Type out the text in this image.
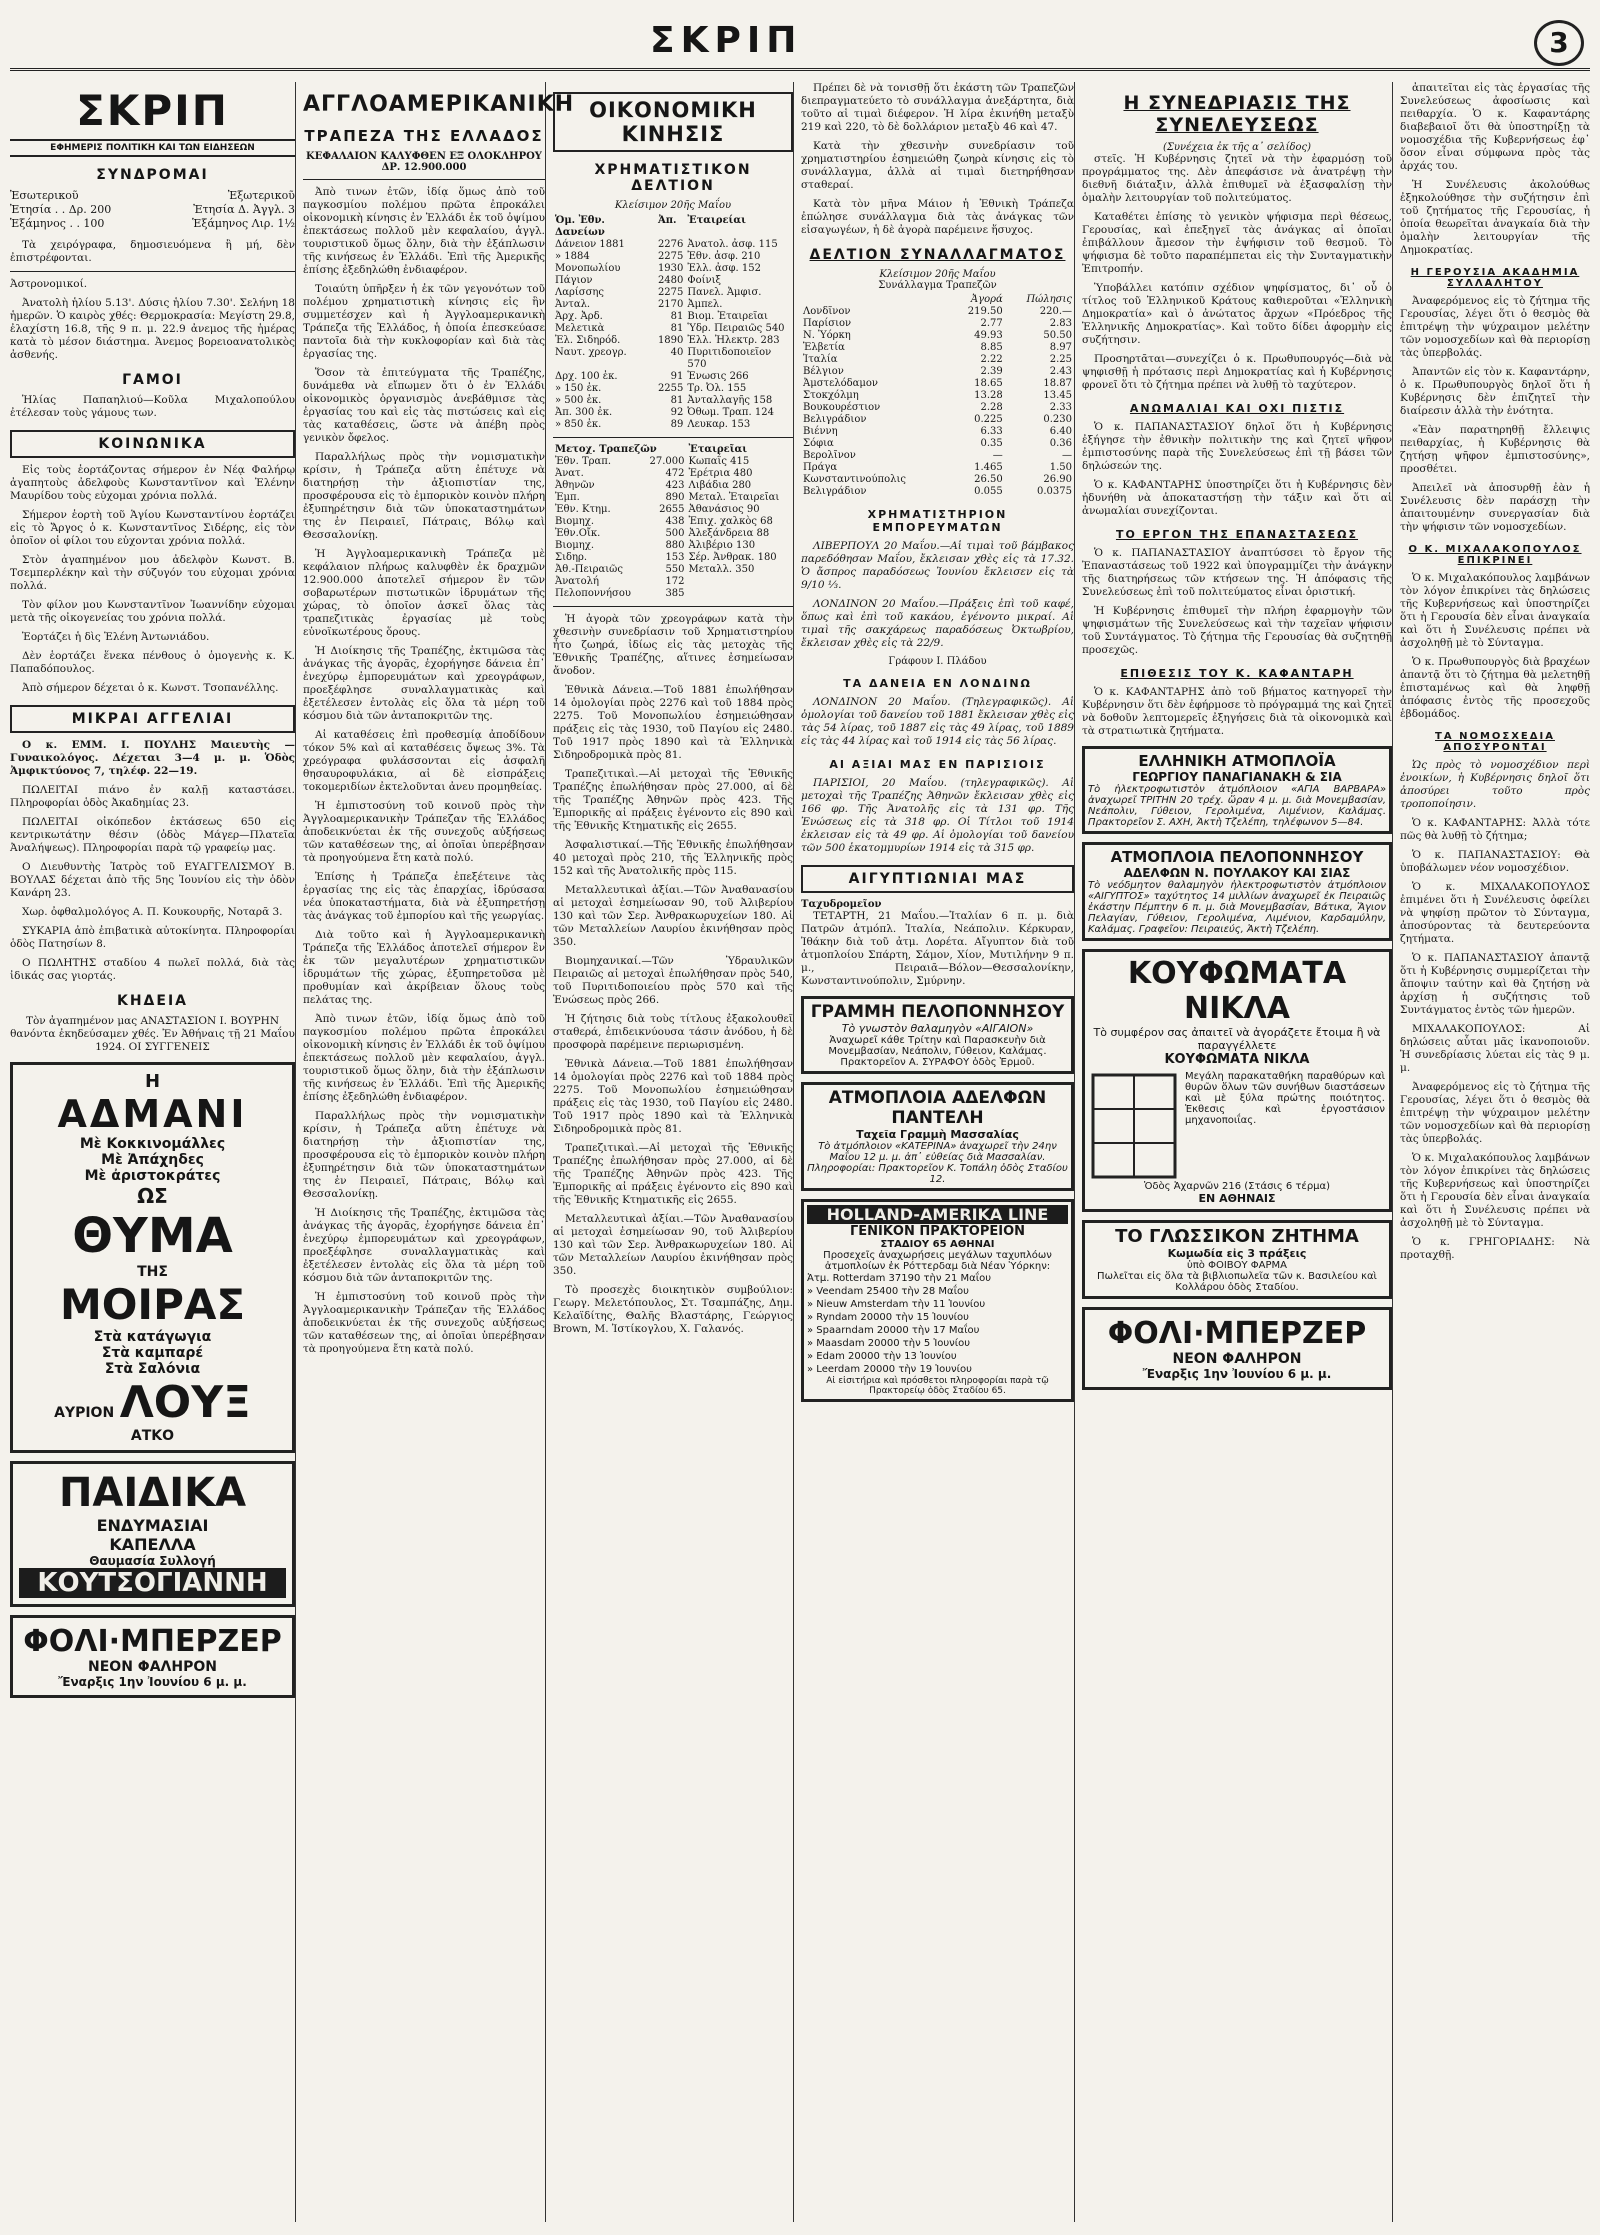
ΣΚΡΙΠ	3
ΣΚΡΙΠ
ΕΦΗΜΕΡΙΣ ΠΟΛΙΤΙΚΗ ΚΑΙ ΤΩΝ ΕΙΔΗΣΕΩΝ
ΣΥΝΔΡΟΜΑΙ
Ἐσωτερικοῦ	Ἐξωτερικοῦ
Ἐτησία . . Δρ. 200	Ἐτησία Δ. Ἀγγλ. 3
Ἑξάμηνος . . 100	Ἑξάμηνος Λιρ. 1½

Τὰ χειρόγραφα, δημοσιευόμενα ἢ μή, δὲν ἐπιστρέφονται.

Ἀστρονομικοί.

Ἀνατολὴ ἡλίου 5.13'. Δύσις ἡλίου 7.30'. Σελήνη 18 ἡμερῶν. Ὁ καιρὸς χθές: Θερμοκρασία: Μεγίστη 29.8, ἐλαχίστη 16.8, τῆς 9 π. μ. 22.9 ἀνεμος τῆς ἡμέρας κατὰ τὸ μέσον διάστημα. Ἀνεμος βορειοανατολικὸς ἀσθενής.

ΓΑΜΟΙ

Ἡλίας Παπαηλιού—Κοῦλα Μιχαλοπούλου ἐτέλεσαν τοὺς γάμους των.

ΚΟΙΝΩΝΙΚΑ

Εἰς τοὺς ἑορτάζοντας σήμερον ἐν Νέᾳ Φαλήρῳ ἀγαπητοὺς ἀδελφοὺς Κωνσταντῖνον καὶ Ἑλένην Μαυρίδου τοὺς εὐχομαι χρόνια πολλά.

Σήμερον ἑορτὴ τοῦ Ἁγίου Κωνσταντίνου ἑορτάζει εἰς τὸ Ἄργος ὁ κ. Κωνσταντῖνος Σιδέρης, εἰς τὸν ὁποῖον οἱ φίλοι του εὐχονται χρόνια πολλά.

Στὸν ἀγαπημένον μου ἀδελφὸν Κωνστ. Β. Τσεμπερλέκην καὶ τὴν σύζυγόν του εὐχομαι χρόνια πολλά.

Τὸν φίλον μου Κωνσταντῖνον Ἰωαννίδην εὐχομαι μετὰ τῆς οἰκογενείας του χρόνια πολλά.

Ἑορτάζει ἡ δὶς Ἑλένη Ἀντωνιάδου.

Δὲν ἑορτάζει ἕνεκα πένθους ὁ ὁμογενὴς κ. Κ. Παπαδόπουλος.

Ἀπὸ σήμερον δέχεται ὁ κ. Κωνστ. Τσοπανέλλης.

ΜΙΚΡΑΙ ΑΓΓΕΛΙΑΙ

Ο κ. ΕΜΜ. Ι. ΠΟΥΛΗΣ Μαιευτὴς — Γυναικολόγος. Δέχεται 3—4 μ. μ. Ὁδὸς Ἀμφικτύονος 7, τηλέφ. 22—19.

ΠΩΛΕΙΤΑΙ πιάνο ἐν καλῇ καταστάσει. Πληροφορίαι ὁδὸς Ἀκαδημίας 23.

ΠΩΛΕΙΤΑΙ οἰκόπεδον ἐκτάσεως 650 εἰς κεντρικωτάτην θέσιν (ὁδὸς Μάγερ—Πλατεῖα Ἀναλήψεως). Πληροφορίαι παρὰ τῷ γραφείῳ μας.

Ο Διευθυντὴς Ἰατρὸς τοῦ ΕΥΑΓΓΕΛΙΣΜΟΥ Β. ΒΟΥΛΑΣ δέχεται ἀπὸ τῆς 5ης Ἰουνίου εἰς τὴν ὁδὸν Κανάρη 23.

Χωρ. ὀφθαλμολόγος Α. Π. Κουκουρῆς, Νοταρᾶ 3.

ΣΥΚΑΡΙΑ ἀπὸ ἐπιβατικὰ αὐτοκίνητα. Πληροφορίαι ὁδὸς Πατησίων 8.

Ο ΠΩΛΗΤΗΣ σταδίου 4 πωλεῖ πολλά, διὰ τὰς ἰδικάς σας γιορτάς.

ΚΗΔΕΙΑ

Τὸν ἀγαπημένον μας ΑΝΑΣΤΑΣΙΟΝ Ι. ΒΟΥΡΗΝ θανόντα ἐκηδεύσαμεν χθές. Ἐν Ἀθήναις τῇ 21 Μαΐου 1924. ΟΙ ΣΥΓΓΕΝΕΙΣ

Η
ΑΔΜΑΝΙ
Μὲ Κοκκινομάλλες
Μὲ Ἀπάχηδες
Μὲ ἀριστοκράτες
ΩΣ
ΘΥΜΑ
ΤΗΣ
ΜΟΙΡΑΣ
Στὰ κατάγωγια
Στὰ καμπαρέ
Στὰ Σαλόνια
ΑΥΡΙΟΝ ΛΟΥΞ
ΑΤΚΟ
ΠΑΙΔΙΚΑ
ΕΝΔΥΜΑΣΙΑΙ
ΚΑΠΕΛΛΑ
Θαυμασία Συλλογή
ΚΟΥΤΣΟΓΙΑΝΝΗ
ΦΟΛΙ·ΜΠΕΡΖΕΡ
ΝΕΟΝ ΦΑΛΗΡΟΝ
Ἔναρξις 1ην Ἰουνίου 6 μ. μ.
ΑΓΓΛΟΑΜΕΡΙΚΑΝΙΚΗ
ΤΡΑΠΕΖΑ ΤΗΣ ΕΛΛΑΔΟΣ
ΚΕΦΑΛΑΙΟΝ ΚΑΛΥΦΘΕΝ ΕΞ ΟΛΟΚΛΗΡΟΥ ΔΡ. 12.900.000

Ἀπὸ τινων ἐτῶν, ἰδίᾳ ὅμως ἀπὸ τοῦ παγκοσμίου πολέμου πρῶτα ἐπροκάλει οἰκονομικὴ κίνησις ἐν Ἑλλάδι ἐκ τοῦ ὀψίμου ἐπεκτάσεως πολλοῦ μὲν κεφαλαίου, ἀγγλ. τουριστικοῦ ὅμως ὅλην, διὰ τὴν ἐξάπλωσιν τῆς κινήσεως ἐν Ἑλλάδι. Ἐπὶ τῆς Ἀμερικῆς ἐπίσης ἐξεδηλώθη ἐνδιαφέρον.

Τοιαύτη ὑπῆρξεν ἡ ἐκ τῶν γεγονότων τοῦ πολέμου χρηματιστικὴ κίνησις εἰς ἣν συμμετέσχεν καὶ ἡ Ἀγγλοαμερικανικὴ Τράπεζα τῆς Ἑλλάδος, ἡ ὁποία ἐπεσκεύασε παντοῖα διὰ τὴν κυκλοφορίαν καὶ διὰ τὰς ἐργασίας της.

Ὅσον τὰ ἐπιτεύγματα τῆς Τραπέζης, δυνάμεθα νὰ εἴπωμεν ὅτι ὁ ἐν Ἑλλάδι οἰκονομικὸς ὀργανισμὸς ἀνεβάθμισε τὰς ἐργασίας του καὶ εἰς τὰς πιστώσεις καὶ εἰς τὰς καταθέσεις, ὥστε νὰ ἀπέβη πρὸς γενικὸν ὄφελος.

Παραλλήλως πρὸς τὴν νομισματικὴν κρίσιν, ἡ Τράπεζα αὕτη ἐπέτυχε νὰ διατηρήσῃ τὴν ἀξιοπιστίαν της, προσφέρουσα εἰς τὸ ἐμπορικὸν κοινὸν πλήρη ἐξυπηρέτησιν διὰ τῶν ὑποκαταστημάτων της ἐν Πειραιεῖ, Πάτραις, Βόλῳ καὶ Θεσσαλονίκῃ.

Ἡ Ἀγγλοαμερικανικὴ Τράπεζα μὲ κεφάλαιον πλήρως καλυφθὲν ἐκ δραχμῶν 12.900.000 ἀποτελεῖ σήμερον ἓν τῶν σοβαρωτέρων πιστωτικῶν ἱδρυμάτων τῆς χώρας, τὸ ὁποῖον ἀσκεῖ ὅλας τὰς τραπεζιτικὰς ἐργασίας μὲ τοὺς εὐνοϊκωτέρους ὅρους.

Ἡ Διοίκησις τῆς Τραπέζης, ἐκτιμῶσα τὰς ἀνάγκας τῆς ἀγορᾶς, ἐχορήγησε δάνεια ἐπ᾽ ἐνεχύρῳ ἐμπορευμάτων καὶ χρεογράφων, προεξέφλησε συναλλαγματικὰς καὶ ἐξετέλεσεν ἐντολὰς εἰς ὅλα τὰ μέρη τοῦ κόσμου διὰ τῶν ἀνταποκριτῶν της.

Αἱ καταθέσεις ἐπὶ προθεσμίᾳ ἀποδίδουν τόκον 5% καὶ αἱ καταθέσεις ὄψεως 3%. Τὰ χρεόγραφα φυλάσσονται εἰς ἀσφαλῆ θησαυροφυλάκια, αἱ δὲ εἰσπράξεις τοκομεριδίων ἐκτελοῦνται ἀνευ προμηθείας.

Ἡ ἐμπιστοσύνη τοῦ κοινοῦ πρὸς τὴν Ἀγγλοαμερικανικὴν Τράπεζαν τῆς Ἑλλάδος ἀποδεικνύεται ἐκ τῆς συνεχοῦς αὐξήσεως τῶν καταθέσεων της, αἱ ὁποῖαι ὑπερέβησαν τὰ προηγούμενα ἔτη κατὰ πολύ.

Ἐπίσης ἡ Τράπεζα ἐπεξέτεινε τὰς ἐργασίας της εἰς τὰς ἐπαρχίας, ἱδρύσασα νέα ὑποκαταστήματα, διὰ νὰ ἐξυπηρετήσῃ τὰς ἀνάγκας τοῦ ἐμπορίου καὶ τῆς γεωργίας.

Διὰ τοῦτο καὶ ἡ Ἀγγλοαμερικανικὴ Τράπεζα τῆς Ἑλλάδος ἀποτελεῖ σήμερον ἓν ἐκ τῶν μεγαλυτέρων χρηματιστικῶν ἱδρυμάτων τῆς χώρας, ἐξυπηρετοῦσα μὲ προθυμίαν καὶ ἀκρίβειαν ὅλους τοὺς πελάτας της.

Ἀπὸ τινων ἐτῶν, ἰδίᾳ ὅμως ἀπὸ τοῦ παγκοσμίου πολέμου πρῶτα ἐπροκάλει οἰκονομικὴ κίνησις ἐν Ἑλλάδι ἐκ τοῦ ὀψίμου ἐπεκτάσεως πολλοῦ μὲν κεφαλαίου, ἀγγλ. τουριστικοῦ ὅμως ὅλην, διὰ τὴν ἐξάπλωσιν τῆς κινήσεως ἐν Ἑλλάδι. Ἐπὶ τῆς Ἀμερικῆς ἐπίσης ἐξεδηλώθη ἐνδιαφέρον.

Παραλλήλως πρὸς τὴν νομισματικὴν κρίσιν, ἡ Τράπεζα αὕτη ἐπέτυχε νὰ διατηρήσῃ τὴν ἀξιοπιστίαν της, προσφέρουσα εἰς τὸ ἐμπορικὸν κοινὸν πλήρη ἐξυπηρέτησιν διὰ τῶν ὑποκαταστημάτων της ἐν Πειραιεῖ, Πάτραις, Βόλῳ καὶ Θεσσαλονίκῃ.

Ἡ Διοίκησις τῆς Τραπέζης, ἐκτιμῶσα τὰς ἀνάγκας τῆς ἀγορᾶς, ἐχορήγησε δάνεια ἐπ᾽ ἐνεχύρῳ ἐμπορευμάτων καὶ χρεογράφων, προεξέφλησε συναλλαγματικὰς καὶ ἐξετέλεσεν ἐντολὰς εἰς ὅλα τὰ μέρη τοῦ κόσμου διὰ τῶν ἀνταποκριτῶν της.

Ἡ ἐμπιστοσύνη τοῦ κοινοῦ πρὸς τὴν Ἀγγλοαμερικανικὴν Τράπεζαν τῆς Ἑλλάδος ἀποδεικνύεται ἐκ τῆς συνεχοῦς αὐξήσεως τῶν καταθέσεων της, αἱ ὁποῖαι ὑπερέβησαν τὰ προηγούμενα ἔτη κατὰ πολύ.

ΟΙΚΟΝΟΜΙΚΗ ΚΙΝΗΣΙΣ
ΧΡΗΜΑΤΙΣΤΙΚΟΝ ΔΕΛΤΙΟΝ
Κλείσιμον 20ῆς Μαΐου
Ὁμ. Ἐθν. Δανείων	Ἀπ.	Ἐταιρείαι
Δάνειον 1881	2276	Ἀνατολ. ἀσφ. 115
» 1884	2275	Ἐθν. ἀσφ. 210
Μονοπωλίου	1930	Ἐλλ. ἀσφ. 152
Πάγιον	2480	Φοίνιξ
Λαρίσσης	2275	Πανελ. Ἀμφισ.
Ἀνταλ.	2170	Ἀμπελ.
Ἀρχ. Ἀρδ.	81	Βιομ. Ἐταιρεῖαι
Μελετικὰ	81	Ὑδρ. Πειραιῶς 540
Ἐλ. Σιδηρόδ.	1890	Ἐλλ. Ἠλεκτρ. 283
Ναυτ. χρεογρ.	40	Πυριτιδοποιεῖον 570
Δρχ. 100 ἐκ.	91	Ἑνωσις 266
» 150 ἐκ.	2255	Τρ. Ὀλ. 155
» 500 ἐκ.	81	Ἀνταλλαγῆς 158
Ἀπ. 300 ἐκ.	92	Ὀθωμ. Τραπ. 124
» 850 ἐκ.	89	Λευκαρ. 153
Μετοχ. Τραπεζῶν		Ἐταιρεῖαι
Ἐθν. Τραπ.	27.000	Κωπαΐς 415
Ἀνατ.	472	Ἐρέτρια 480
Ἀθηνῶν	423	Λιβάδια 280
Ἐμπ.	890	Μεταλ. Ἐταιρεῖαι
Ἐθν. Κτημ.	2655	Ἀθανάσιος 90
Βιομηχ.	438	Ἐπιχ. χαλκὸς 68
Ἐθν.Οἴκ.	500	Ἀλεξάνδρεια 88
Βιομηχ.	880	Ἀλιβέριο 130
Σιδηρ.	153	Σέρ. Ἀνθρακ. 180
Ἀθ.-Πειραιῶς	550	Μεταλλ. 350
Ἀνατολή	172	
Πελοποννήσου	385	

Ἡ ἀγορὰ τῶν χρεογράφων κατὰ τὴν χθεσινὴν συνεδρίασιν τοῦ Χρηματιστηρίου ἦτο ζωηρά, ἰδίως εἰς τὰς μετοχὰς τῆς Ἐθνικῆς Τραπέζης, αἵτινες ἐσημείωσαν ἄνοδον.

Ἐθνικὰ Δάνεια.—Τοῦ 1881 ἐπωλήθησαν 14 ὁμολογίαι πρὸς 2276 καὶ τοῦ 1884 πρὸς 2275. Τοῦ Μονοπωλίου ἐσημειώθησαν πράξεις εἰς τὰς 1930, τοῦ Παγίου εἰς 2480. Τοῦ 1917 πρὸς 1890 καὶ τὰ Ἐλληνικὰ Σιδηροδρομικὰ πρὸς 81.

Τραπεζιτικαὶ.—Αἱ μετοχαὶ τῆς Ἐθνικῆς Τραπέζης ἐπωλήθησαν πρὸς 27.000, αἱ δὲ τῆς Τραπέζης Ἀθηνῶν πρὸς 423. Τῆς Ἐμπορικῆς αἱ πράξεις ἐγένοντο εἰς 890 καὶ τῆς Ἐθνικῆς Κτηματικῆς εἰς 2655.

Ἀσφαλιστικαί.—Τῆς Ἐθνικῆς ἐπωλήθησαν 40 μετοχαὶ πρὸς 210, τῆς Ἑλληνικῆς πρὸς 152 καὶ τῆς Ἀνατολικῆς πρὸς 115.

Μεταλλευτικαὶ ἀξίαι.—Τῶν Ἀναθανασίου αἱ μετοχαὶ ἐσημείωσαν 90, τοῦ Ἀλιβερίου 130 καὶ τῶν Σερ. Ἀνθρακωρυχείων 180. Αἱ τῶν Μεταλλείων Λαυρίου ἐκινήθησαν πρὸς 350.

Βιομηχανικαί.—Τῶν Ὑδραυλικῶν Πειραιῶς αἱ μετοχαὶ ἐπωλήθησαν πρὸς 540, τοῦ Πυριτιδοποιείου πρὸς 570 καὶ τῆς Ἑνώσεως πρὸς 266.

Ἡ ζήτησις διὰ τοὺς τίτλους ἐξακολουθεῖ σταθερά, ἐπιδεικνύουσα τάσιν ἀνόδου, ἡ δὲ προσφορὰ παρέμεινε περιωρισμένη.

Ἐθνικὰ Δάνεια.—Τοῦ 1881 ἐπωλήθησαν 14 ὁμολογίαι πρὸς 2276 καὶ τοῦ 1884 πρὸς 2275. Τοῦ Μονοπωλίου ἐσημειώθησαν πράξεις εἰς τὰς 1930, τοῦ Παγίου εἰς 2480. Τοῦ 1917 πρὸς 1890 καὶ τὰ Ἐλληνικὰ Σιδηροδρομικὰ πρὸς 81.

Τραπεζιτικαὶ.—Αἱ μετοχαὶ τῆς Ἐθνικῆς Τραπέζης ἐπωλήθησαν πρὸς 27.000, αἱ δὲ τῆς Τραπέζης Ἀθηνῶν πρὸς 423. Τῆς Ἐμπορικῆς αἱ πράξεις ἐγένοντο εἰς 890 καὶ τῆς Ἐθνικῆς Κτηματικῆς εἰς 2655.

Μεταλλευτικαὶ ἀξίαι.—Τῶν Ἀναθανασίου αἱ μετοχαὶ ἐσημείωσαν 90, τοῦ Ἀλιβερίου 130 καὶ τῶν Σερ. Ἀνθρακωρυχείων 180. Αἱ τῶν Μεταλλείων Λαυρίου ἐκινήθησαν πρὸς 350.

Τὸ προσεχὲς διοικητικὸν συμβούλιον: Γεωργ. Μελετόπουλος, Στ. Τσαμπάζης, Δημ. Κελαϊδίτης, Θαλῆς Βλαστάρης, Γεώργιος Brown, Μ. Ἰστίκογλου, Χ. Γαλανός.

Πρέπει δὲ νὰ τονισθῇ ὅτι ἐκάστη τῶν Τραπεζῶν διεπραγματεύετο τὸ συνάλλαγμα ἀνεξάρτητα, διὰ τοῦτο αἱ τιμαὶ διέφερον. Ἡ λίρα ἐκινήθη μεταξὺ 219 καὶ 220, τὸ δὲ δολλάριον μεταξὺ 46 καὶ 47.

Κατὰ τὴν χθεσινὴν συνεδρίασιν τοῦ χρηματιστηρίου ἐσημειώθη ζωηρὰ κίνησις εἰς τὸ συνάλλαγμα, ἀλλὰ αἱ τιμαὶ διετηρήθησαν σταθεραί.

Κατὰ τὸν μῆνα Μάιον ἡ Ἐθνικὴ Τράπεζα ἐπώλησε συνάλλαγμα διὰ τὰς ἀνάγκας τῶν εἰσαγωγέων, ἡ δὲ ἀγορὰ παρέμεινε ἥσυχος.

ΔΕΛΤΙΟΝ ΣΥΝΑΛΛΑΓΜΑΤΟΣ
Κλείσιμον 20ῆς Μαΐου
Συνάλλαγμα Τραπεζῶν
	Ἀγορά	Πώλησις
Λονδῖνον	219.50	220.—
Παρίσιον	2.77	2.83
Ν. Ὑόρκη	49.93	50.50
Ἑλβετία	8.85	8.97
Ἰταλία	2.22	2.25
Βέλγιον	2.39	2.43
Ἀμστελόδαμον	18.65	18.87
Στοκχόλμη	13.28	13.45
Βουκουρέστιον	2.28	2.33
Βελιγράδιον	0.225	0.230
Βιέννη	6.33	6.40
Σόφια	0.35	0.36
Βερολῖνον	—	—
Πράγα	1.465	1.50
Κωνσταντινούπολις	26.50	26.90
Βελιγράδιον	0.055	0.0375
ΧΡΗΜΑΤΙΣΤΗΡΙΟΝ ΕΜΠΟΡΕΥΜΑΤΩΝ

ΛΙΒΕΡΠΟΥΛ 20 Μαΐου.—Αἱ τιμαὶ τοῦ βάμβακος παρεδόθησαν Μαΐου, ἔκλεισαν χθὲς εἰς τὰ 17.32. Ὁ ἄσπρος παραδόσεως Ἰουνίου ἔκλεισεν εἰς τὰ 9/10 ⅓.

ΛΟΝΔΙΝΟΝ 20 Μαΐου.—Πράξεις ἐπὶ τοῦ καφέ, ὅπως καὶ ἐπὶ τοῦ κακάου, ἐγένοντο μικραί. Αἱ τιμαὶ τῆς σακχάρεως παραδόσεως Ὀκτωβρίου, ἔκλεισαν χθὲς εἰς τὰ 22/9.

Γράφουν Ι. Πλάδου
ΤΑ ΔΑΝΕΙΑ ΕΝ ΛΟΝΔΙΝΩ

ΛΟΝΔΙΝΟΝ 20 Μαΐου. (Τηλεγραφικῶς). Αἱ ὁμολογίαι τοῦ δανείου τοῦ 1881 ἔκλεισαν χθὲς εἰς τὰς 54 λίρας, τοῦ 1887 εἰς τὰς 49 λίρας, τοῦ 1889 εἰς τὰς 44 λίρας καὶ τοῦ 1914 εἰς τὰς 56 λίρας.

ΑΙ ΑΞΙΑΙ ΜΑΣ ΕΝ ΠΑΡΙΣΙΟΙΣ

ΠΑΡΙΣΙΟΙ, 20 Μαΐου. (τηλεγραφικῶς). Αἱ μετοχαὶ τῆς Τραπέζης Ἀθηνῶν ἔκλεισαν χθὲς εἰς 166 φρ. Τῆς Ἀνατολῆς εἰς τὰ 131 φρ. Τῆς Ἐνώσεως εἰς τὰ 318 φρ. Οἱ Τίτλοι τοῦ 1914 ἐκλεισαν εἰς τὰ 49 φρ. Αἱ ὁμολογίαι τοῦ δανείου τῶν 500 ἑκατομμυρίων 1914 εἰς τὰ 315 φρ.

ΑΙΓΥΠΤΙΩΝΙΑΙ ΜΑΣ
Ταχυδρομεῖον

ΤΕΤΑΡΤΗ, 21 Μαΐου.—Ἰταλίαν 6 π. μ. διὰ Πατρῶν ἀτμόπλ. Ἰταλία, Νεάπολιν. Κέρκυραν, Ἰθάκην διὰ τοῦ ἀτμ. Λορέτα. Αἴγυπτον διὰ τοῦ ἀτμοπλοίου Σπάρτη, Σάμον, Χίον, Μυτιλήνην 9 π. μ., Πειραιᾶ—Βόλον—Θεσσαλονίκην, Κωνσταντινούπολιν, Σμύρνην.

ΓΡΑΜΜΗ ΠΕΛΟΠΟΝΝΗΣΟΥ
Τὸ γνωστὸν θαλαμηγὸν «ΑΙΓΑΙΟΝ»
Ἀναχωρεῖ κάθε Τρίτην καὶ Παρασκευὴν διὰ Μονεμβασίαν, Νεάπολιν, Γύθειον, Καλάμας. Πρακτορεῖον Α. ΣΥΡΑΦΟΥ ὁδὸς Ἑρμοῦ.
ΑΤΜΟΠΛΟΙΑ ΑΔΕΛΦΩΝ ΠΑΝΤΕΛΗ
Ταχεῖα Γραμμὴ Μασσαλίας
Τὸ ἀτμόπλοιον «ΚΑΤΕΡΙΝΑ» ἀναχωρεῖ τὴν 24ην Μαΐου 12 μ. μ. ἀπ᾽ εὐθείας διὰ Μασσαλίαν. Πληροφορίαι: Πρακτορεῖον Κ. Τοπάλη ὁδὸς Σταδίου 12.
HOLLAND-AMERIKA LINE
ΓΕΝΙΚΟΝ ΠΡΑΚΤΟΡΕΙΟΝ
ΣΤΑΔΙΟΥ 65 ΑΘΗΝΑΙ
Προσεχεῖς ἀναχωρήσεις μεγάλων ταχυπλόων ἀτμοπλοίων ἐκ Ρόττερδαμ διὰ Νέαν Ὑόρκην:
Ἀτμ. Rotterdam 37190 τὴν 21 Μαΐου
» Veendam 25400 τὴν 28 Μαΐου
» Nieuw Amsterdam τὴν 11 Ἰουνίου
» Ryndam 20000 τὴν 15 Ἰουνίου
» Spaarndam 20000 τὴν 17 Μαΐου
» Maasdam 20000 τὴν 5 Ἰουνίου
» Edam 20000 τὴν 13 Ἰουνίου
» Leerdam 20000 τὴν 19 Ἰουνίου
Αἱ εἰσιτήρια καὶ πρόσθετοι πληροφορίαι παρὰ τῷ Πρακτορείῳ ὁδὸς Σταδίου 65.
Η ΣΥΝΕΔΡΙΑΣΙΣ ΤΗΣ ΣΥΝΕΛΕΥΣΕΩΣ
(Συνέχεια ἐκ τῆς α᾽ σελίδος)

στεῖς. Ἡ Κυβέρνησις ζητεῖ νὰ τὴν ἐφαρμόσῃ τοῦ προγράμματος της. Δὲν ἀπεφάσισε νὰ ἀνατρέψῃ τὴν διεθνῆ διάταξιν, ἀλλὰ ἐπιθυμεῖ νὰ ἐξασφαλίσῃ τὴν ὁμαλὴν λειτουργίαν τοῦ πολιτεύματος.

Καταθέτει ἐπίσης τὸ γενικὸν ψήφισμα περὶ θέσεως, Γερουσίας, καὶ ἐπεξηγεῖ τὰς ἀνάγκας αἱ ὁποῖαι ἐπιβάλλουν ἄμεσον τὴν ἐψήφισιν τοῦ θεσμοῦ. Τὸ ψήφισμα δὲ τοῦτο παραπέμπεται εἰς τὴν Συνταγματικὴν Ἐπιτροπήν.

Ὑποβάλλει κατόπιν σχέδιον ψηφίσματος, δι᾽ οὗ ὁ τίτλος τοῦ Ἑλληνικοῦ Κράτους καθιεροῦται «Ἑλληνικὴ Δημοκρατία» καὶ ὁ ἀνώτατος ἄρχων «Πρόεδρος τῆς Ἑλληνικῆς Δημοκρατίας». Καὶ τοῦτο δίδει ἀφορμὴν εἰς συζήτησιν.

Προσηρτᾶται—συνεχίζει ὁ κ. Πρωθυπουργός—διὰ νὰ ψηφισθῇ ἡ πρότασις περὶ Δημοκρατίας καὶ ἡ Κυβέρνησις φρονεῖ ὅτι τὸ ζήτημα πρέπει νὰ λυθῇ τὸ ταχύτερον.

ΑΝΩΜΑΛΙΑΙ ΚΑΙ ΟΧΙ ΠΙΣΤΙΣ

Ὁ κ. ΠΑΠΑΝΑΣΤΑΣΙΟΥ δηλοῖ ὅτι ἡ Κυβέρνησις ἐξήγησε τὴν ἐθνικὴν πολιτικὴν της καὶ ζητεῖ ψῆφον ἐμπιστοσύνης παρὰ τῆς Συνελεύσεως ἐπὶ τῇ βάσει τῶν δηλώσεών της.

Ὁ κ. ΚΑΦΑΝΤΑΡΗΣ ὑποστηρίζει ὅτι ἡ Κυβέρνησις δὲν ἠδυνήθη νὰ ἀποκαταστήσῃ τὴν τάξιν καὶ ὅτι αἱ ἀνωμαλίαι συνεχίζονται.

ΤΟ ΕΡΓΟΝ ΤΗΣ ΕΠΑΝΑΣΤΑΣΕΩΣ

Ὁ κ. ΠΑΠΑΝΑΣΤΑΣΙΟΥ ἀναπτύσσει τὸ ἔργον τῆς Ἐπαναστάσεως τοῦ 1922 καὶ ὑπογραμμίζει τὴν ἀνάγκην τῆς διατηρήσεως τῶν κτήσεων της. Ἡ ἀπόφασις τῆς Συνελεύσεως ἐπὶ τοῦ πολιτεύματος εἶναι ὁριστική.

Ἡ Κυβέρνησις ἐπιθυμεῖ τὴν πλήρη ἐφαρμογὴν τῶν ψηφισμάτων τῆς Συνελεύσεως καὶ τὴν ταχεῖαν ψήφισιν τοῦ Συντάγματος. Τὸ ζήτημα τῆς Γερουσίας θὰ συζητηθῇ προσεχῶς.

ΕΠΙΘΕΣΙΣ ΤΟΥ Κ. ΚΑΦΑΝΤΑΡΗ

Ὁ κ. ΚΑΦΑΝΤΑΡΗΣ ἀπὸ τοῦ βήματος κατηγορεῖ τὴν Κυβέρνησιν ὅτι δὲν ἐφήρμοσε τὸ πρόγραμμά της καὶ ζητεῖ νὰ δοθοῦν λεπτομερεῖς ἐξηγήσεις διὰ τὰ οἰκονομικὰ καὶ τὰ στρατιωτικὰ ζητήματα.

ΕΛΛΗΝΙΚΗ ΑΤΜΟΠΛΟΪΑ
ΓΕΩΡΓΙΟΥ ΠΑΝΑΓΙΑΝΑΚΗ & ΣΙΑ
Τὸ ἠλεκτροφωτιστὸν ἀτμόπλοιον «ΑΓΙΑ ΒΑΡΒΑΡΑ» ἀναχωρεῖ ΤΡΙΤΗΝ 20 τρέχ. ὥραν 4 μ. μ. διὰ Μονεμβασίαν, Νεάπολιν, Γύθειον, Γερολιμένα, Λιμένιον, Καλάμας. Πρακτορεῖον Σ. ΑΧΗ, Ἀκτὴ Τζελέπη, τηλέφωνον 5—84.
ΑΤΜΟΠΛΟΙΑ ΠΕΛΟΠΟΝΝΗΣΟΥ
ΑΔΕΛΦΩΝ Ν. ΠΟΥΛΑΚΟΥ ΚΑΙ ΣΙΑΣ
Τὸ νεόδμητον θαλαμηγὸν ἠλεκτροφωτιστὸν ἀτμόπλοιον «ΑΙΓΥΠΤΟΣ» ταχύτητος 14 μιλλίων ἀναχωρεῖ ἐκ Πειραιῶς ἑκάστην Πέμπτην 6 π. μ. διὰ Μονεμβασίαν, Βάτικα, Ἅγιον Πελαγίαν, Γύθειον, Γερολιμένα, Λιμένιον, Καρδαμύλην, Καλάμας. Γραφεῖον: Πειραιεύς, Ἀκτὴ Τζελέπη.
ΚΟΥΦΩΜΑΤΑ ΝΙΚΛΑ
Τὸ συμφέρον σας ἀπαιτεῖ νὰ ἀγοράζετε ἔτοιμα ἢ νὰ παραγγέλλετε
ΚΟΥΦΩΜΑΤΑ ΝΙΚΛΑ
Μεγάλη παρακαταθήκη παραθύρων καὶ θυρῶν ὅλων τῶν συνήθων διαστάσεων καὶ μὲ ξύλα πρώτης ποιότητος. Ἐκθεσις καὶ ἐργοστάσιον μηχανοποιΐας.
Ὁδὸς Ἀχαρνῶν 216 (Στάσις 6 τέρμα)
ΕΝ ΑΘΗΝΑΙΣ
ΤΟ ΓΛΩΣΣΙΚΟΝ ΖΗΤΗΜΑ
Κωμωδία εἰς 3 πράξεις
ὑπὸ ΦΟΙΒΟΥ ΦΑΡΜΑ
Πωλεῖται εἰς ὅλα τὰ βιβλιοπωλεῖα τῶν κ. Βασιλείου καὶ Κολλάρου ὁδὸς Σταδίου.
ΦΟΛΙ·ΜΠΕΡΖΕΡ
ΝΕΟΝ ΦΑΛΗΡΟΝ
Ἔναρξις 1ην Ἰουνίου 6 μ. μ.

ἀπαιτεῖται εἰς τὰς ἐργασίας τῆς Συνελεύσεως ἀφοσίωσις καὶ πειθαρχία. Ὁ κ. Καφαντάρης διαβεβαιοῖ ὅτι θὰ ὑποστηρίξῃ τὰ νομοσχέδια τῆς Κυβερνήσεως ἐφ᾽ ὅσον εἶναι σύμφωνα πρὸς τὰς ἀρχάς του.

Ἡ Συνέλευσις ἀκολούθως ἐξηκολούθησε τὴν συζήτησιν ἐπὶ τοῦ ζητήματος τῆς Γερουσίας, ἡ ὁποία θεωρεῖται ἀναγκαία διὰ τὴν ὁμαλὴν λειτουργίαν τῆς Δημοκρατίας.

Η ΓΕΡΟΥΣΙΑ ΑΚΑΔΗΜΙΑ ΣΥΛΛΑΛΗΤΟΥ

Ἀναφερόμενος εἰς τὸ ζήτημα τῆς Γερουσίας, λέγει ὅτι ὁ θεσμὸς θὰ ἐπιτρέψῃ τὴν ψύχραιμον μελέτην τῶν νομοσχεδίων καὶ θὰ περιορίσῃ τὰς ὑπερβολάς.

Ἀπαντῶν εἰς τὸν κ. Καφαντάρην, ὁ κ. Πρωθυπουργὸς δηλοῖ ὅτι ἡ Κυβέρνησις δὲν ἐπιζητεῖ τὴν διαίρεσιν ἀλλὰ τὴν ἑνότητα.

«Ἐὰν παρατηρηθῇ ἔλλειψις πειθαρχίας, ἡ Κυβέρνησις θὰ ζητήσῃ ψῆφον ἐμπιστοσύνης», προσθέτει.

Ἀπειλεῖ νὰ ἀποσυρθῇ ἐὰν ἡ Συνέλευσις δὲν παράσχῃ τὴν ἀπαιτουμένην συνεργασίαν διὰ τὴν ψήφισιν τῶν νομοσχεδίων.

Ο Κ. ΜΙΧΑΛΑΚΟΠΟΥΛΟΣ ΕΠΙΚΡΙΝΕΙ

Ὁ κ. Μιχαλακόπουλος λαμβάνων τὸν λόγον ἐπικρίνει τὰς δηλώσεις τῆς Κυβερνήσεως καὶ ὑποστηρίζει ὅτι ἡ Γερουσία δὲν εἶναι ἀναγκαία καὶ ὅτι ἡ Συνέλευσις πρέπει νὰ ἀσχοληθῇ μὲ τὸ Σύνταγμα.

Ὁ κ. Πρωθυπουργὸς διὰ βραχέων ἀπαντᾷ ὅτι τὸ ζήτημα θὰ μελετηθῇ ἐπισταμένως καὶ θὰ ληφθῇ ἀπόφασις ἐντὸς τῆς προσεχοῦς ἑβδομάδος.

ΤΑ ΝΟΜΟΣΧΕΔΙΑ ΑΠΟΣΥΡΟΝΤΑΙ

Ὡς πρὸς τὸ νομοσχέδιον περὶ ἐνοικίων, ἡ Κυβέρνησις δηλοῖ ὅτι ἀποσύρει τοῦτο πρὸς τροποποίησιν.

Ὁ κ. ΚΑΦΑΝΤΑΡΗΣ: Ἀλλὰ τότε πῶς θὰ λυθῇ τὸ ζήτημα;

Ὁ κ. ΠΑΠΑΝΑΣΤΑΣΙΟΥ: Θὰ ὑποβάλωμεν νέον νομοσχέδιον.

Ὁ κ. ΜΙΧΑΛΑΚΟΠΟΥΛΟΣ ἐπιμένει ὅτι ἡ Συνέλευσις ὀφείλει νὰ ψηφίσῃ πρῶτον τὸ Σύνταγμα, ἀποσύροντας τὰ δευτερεύοντα ζητήματα.

Ὁ κ. ΠΑΠΑΝΑΣΤΑΣΙΟΥ ἀπαντᾷ ὅτι ἡ Κυβέρνησις συμμερίζεται τὴν ἄποψιν ταύτην καὶ θὰ ζητήσῃ νὰ ἀρχίσῃ ἡ συζήτησις τοῦ Συντάγματος ἐντὸς τῶν ἡμερῶν.

ΜΙΧΑΛΑΚΟΠΟΥΛΟΣ: Αἱ δηλώσεις αὗται μᾶς ἱκανοποιοῦν. Ἡ συνεδρίασις λύεται εἰς τὰς 9 μ. μ.

Ἀναφερόμενος εἰς τὸ ζήτημα τῆς Γερουσίας, λέγει ὅτι ὁ θεσμὸς θὰ ἐπιτρέψῃ τὴν ψύχραιμον μελέτην τῶν νομοσχεδίων καὶ θὰ περιορίσῃ τὰς ὑπερβολάς.

Ὁ κ. Μιχαλακόπουλος λαμβάνων τὸν λόγον ἐπικρίνει τὰς δηλώσεις τῆς Κυβερνήσεως καὶ ὑποστηρίζει ὅτι ἡ Γερουσία δὲν εἶναι ἀναγκαία καὶ ὅτι ἡ Συνέλευσις πρέπει νὰ ἀσχοληθῇ μὲ τὸ Σύνταγμα.

Ὁ κ. ΓΡΗΓΟΡΙΑΔΗΣ: Νὰ προταχθῇ.
